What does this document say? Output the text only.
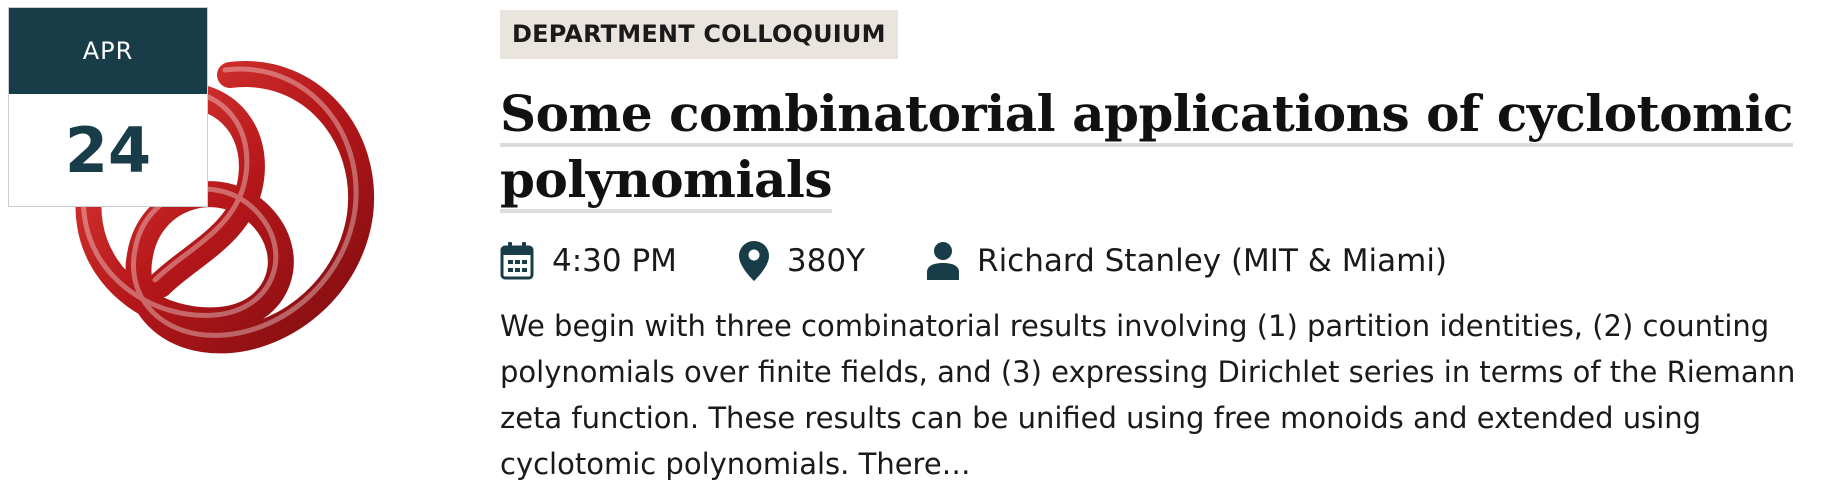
APR
24
DEPARTMENT COLLOQUIUM
Some combinatorial applications of cyclotomic polynomials
4:30 PM	380Y	Richard Stanley (MIT & Miami)

We begin with three combinatorial results involving (1) partition identities, (2) counting polynomials over finite fields, and (3) expressing Dirichlet series in terms of the Riemann zeta function. These results can be unified using free monoids and extended using cyclotomic polynomials. There…
